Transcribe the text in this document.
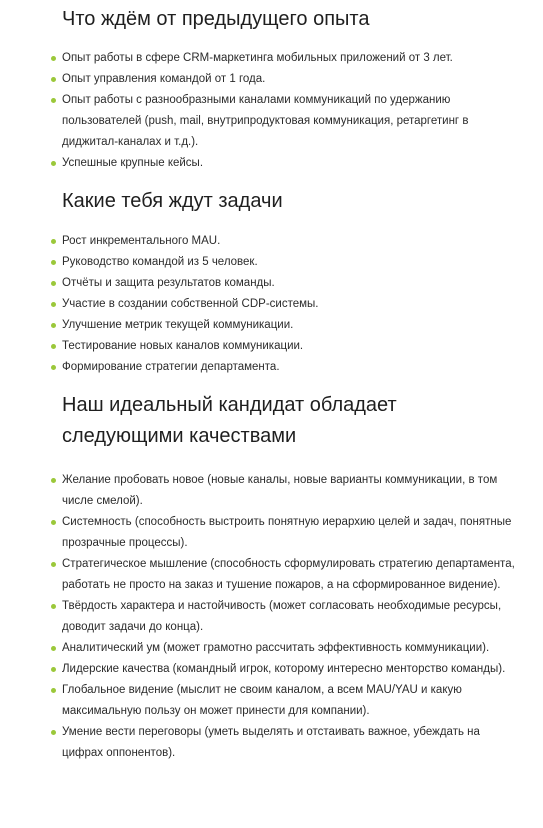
Что ждём от предыдущего опыта
Опыт работы в сфере CRM-маркетинга мобильных приложений от 3 лет.
Опыт управления командой от 1 года.
Опыт работы с разнообразными каналами коммуникаций по удержанию пользователей (push, mail, внутрипродуктовая коммуникация, ретаргетинг в диджитал-каналах и т.д.).
Успешные крупные кейсы.
Какие тебя ждут задачи
Рост инкрементального MAU.
Руководство командой из 5 человек.
Отчёты и защита результатов команды.
Участие в создании собственной CDP-системы.
Улучшение метрик текущей коммуникации.
Тестирование новых каналов коммуникации.
Формирование стратегии департамента.
Наш идеальный кандидат обладает следующими качествами
Желание пробовать новое (новые каналы, новые варианты коммуникации, в том числе смелой).
Системность (способность выстроить понятную иерархию целей и задач, понятные прозрачные процессы).
Стратегическое мышление (способность сформулировать стратегию департамента, работать не просто на заказ и тушение пожаров, а на сформированное видение).
Твёрдость характера и настойчивость (может согласовать необходимые ресурсы, доводит задачи до конца).
Аналитический ум (может грамотно рассчитать эффективность коммуникации).
Лидерские качества (командный игрок, которому интересно менторство команды).
Глобальное видение (мыслит не своим каналом, а всем MAU/YAU и какую максимальную пользу он может принести для компании).
Умение вести переговоры (уметь выделять и отстаивать важное, убеждать на цифрах оппонентов).
